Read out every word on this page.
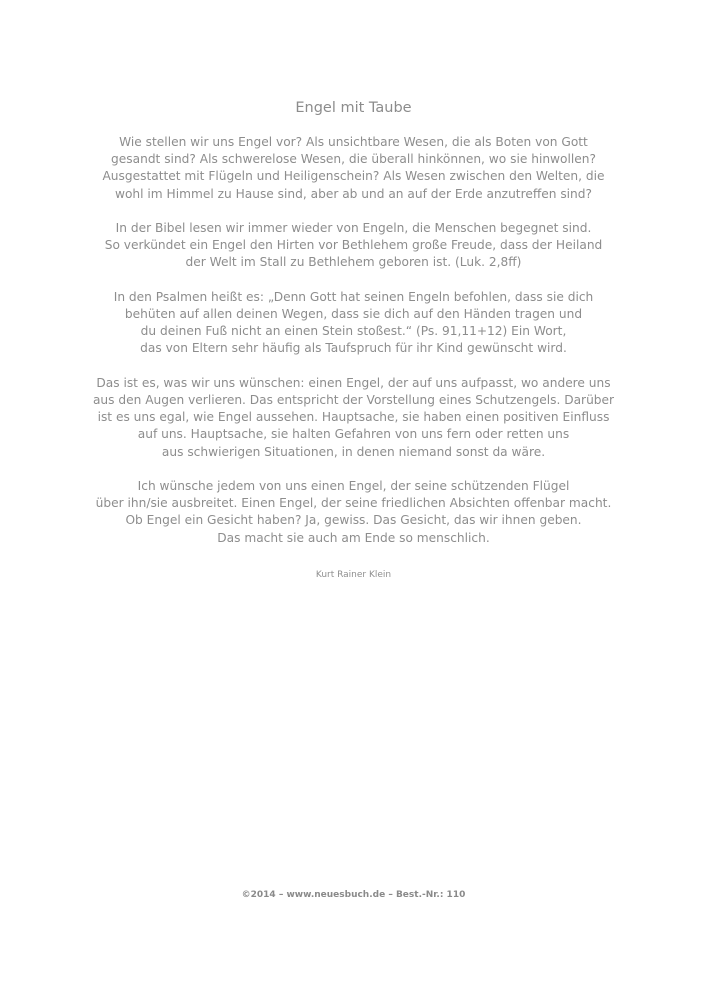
Engel mit Taube

Wie stellen wir uns Engel vor? Als unsichtbare Wesen, die als Boten von Gott
gesandt sind? Als schwerelose Wesen, die überall hinkönnen, wo sie hinwollen?
Ausgestattet mit Flügeln und Heiligenschein? Als Wesen zwischen den Welten, die
wohl im Himmel zu Hause sind, aber ab und an auf der Erde anzutreffen sind?

In der Bibel lesen wir immer wieder von Engeln, die Menschen begegnet sind.
So verkündet ein Engel den Hirten vor Bethlehem große Freude, dass der Heiland
der Welt im Stall zu Bethlehem geboren ist. (Luk. 2,8ff)

In den Psalmen heißt es: „Denn Gott hat seinen Engeln befohlen, dass sie dich
behüten auf allen deinen Wegen, dass sie dich auf den Händen tragen und
du deinen Fuß nicht an einen Stein stoßest.“ (Ps. 91,11+12) Ein Wort,
das von Eltern sehr häufig als Taufspruch für ihr Kind gewünscht wird.

Das ist es, was wir uns wünschen: einen Engel, der auf uns aufpasst, wo andere uns
aus den Augen verlieren. Das entspricht der Vorstellung eines Schutzengels. Darüber
ist es uns egal, wie Engel aussehen. Hauptsache, sie haben einen positiven Einfluss
auf uns. Hauptsache, sie halten Gefahren von uns fern oder retten uns
aus schwierigen Situationen, in denen niemand sonst da wäre.

Ich wünsche jedem von uns einen Engel, der seine schützenden Flügel
über ihn/sie ausbreitet. Einen Engel, der seine friedlichen Absichten offenbar macht.
Ob Engel ein Gesicht haben? Ja, gewiss. Das Gesicht, das wir ihnen geben.
Das macht sie auch am Ende so menschlich.

Kurt Rainer Klein
©2014 – www.neuesbuch.de – Best.-Nr.: 110
